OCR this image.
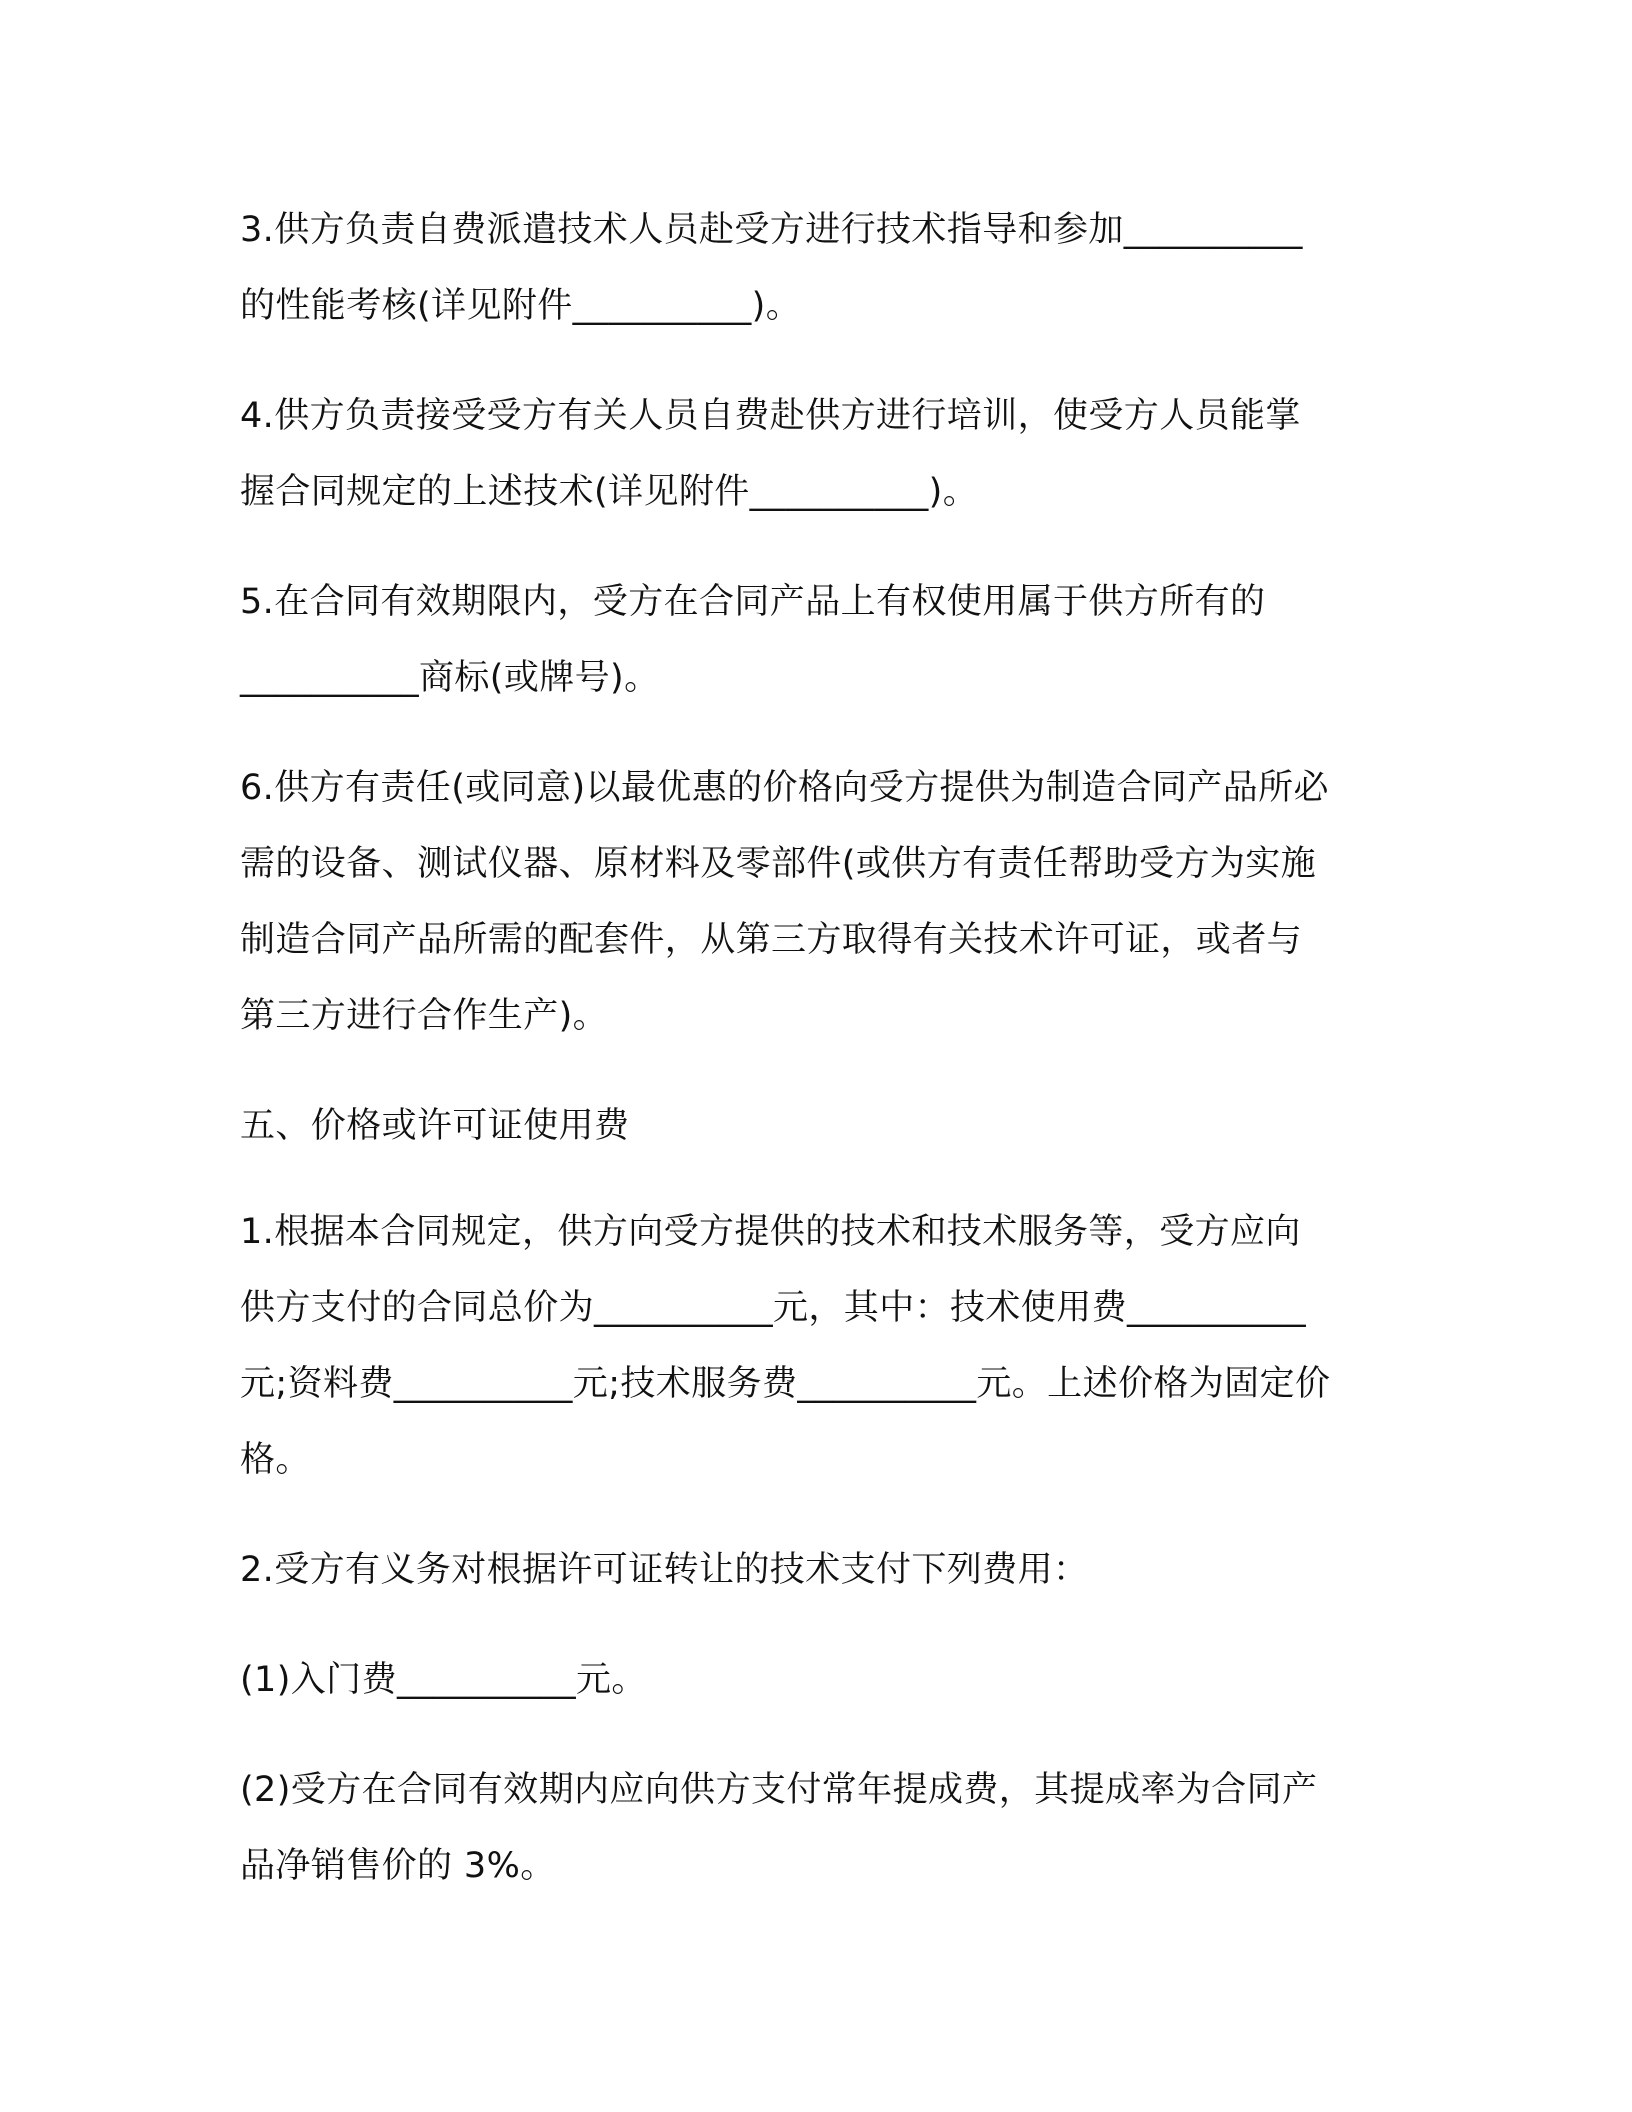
3.供方负责自费派遣技术人员赴受方进行技术指导和参加__________
的性能考核(详见附件__________)。

4.供方负责接受受方有关人员自费赴供方进行培训，使受方人员能掌
握合同规定的上述技术(详见附件__________)。

5.在合同有效期限内，受方在合同产品上有权使用属于供方所有的
__________商标(或牌号)。

6.供方有责任(或同意)以最优惠的价格向受方提供为制造合同产品所必
需的设备、测试仪器、原材料及零部件(或供方有责任帮助受方为实施
制造合同产品所需的配套件，从第三方取得有关技术许可证，或者与
第三方进行合作生产)。

五、价格或许可证使用费

1.根据本合同规定，供方向受方提供的技术和技术服务等，受方应向
供方支付的合同总价为__________元，其中：技术使用费__________
元;资料费__________元;技术服务费__________元。上述价格为固定价
格。

2.受方有义务对根据许可证转让的技术支付下列费用：

(1)入门费__________元。

(2)受方在合同有效期内应向供方支付常年提成费，其提成率为合同产
品净销售价的 3%。
